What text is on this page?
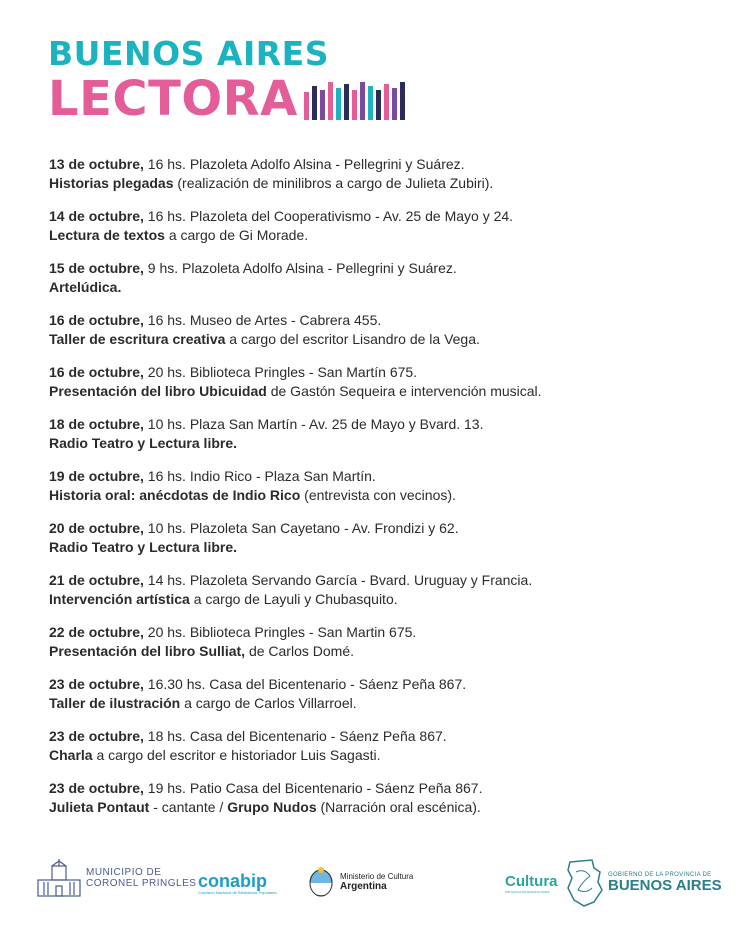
BUENOS AIRES
LECTORA
13 de octubre, 16 hs. Plazoleta Adolfo Alsina - Pellegrini y Suárez.
Historias plegadas (realización de minilibros a cargo de Julieta Zubiri).
14 de octubre, 16 hs. Plazoleta del Cooperativismo - Av. 25 de Mayo y 24.
Lectura de textos a cargo de Gi Morade.
15 de octubre, 9 hs. Plazoleta Adolfo Alsina - Pellegrini y Suárez.
Artelúdica.
16 de octubre, 16 hs. Museo de Artes - Cabrera 455.
Taller de escritura creativa a cargo del escritor Lisandro de la Vega.
16 de octubre, 20 hs. Biblioteca Pringles - San Martín 675.
Presentación del libro Ubicuidad de Gastón Sequeira e intervención musical.
18 de octubre, 10 hs. Plaza San Martín - Av. 25 de Mayo y Bvard. 13.
Radio Teatro y Lectura libre.
19 de octubre, 16 hs. Indio Rico - Plaza San Martín.
Historia oral: anécdotas de Indio Rico (entrevista con vecinos).
20 de octubre, 10 hs. Plazoleta San Cayetano - Av. Frondizi y 62.
Radio Teatro y Lectura libre.
21 de octubre, 14 hs. Plazoleta Servando García - Bvard. Uruguay y Francia.
Intervención artística a cargo de Layuli y Chubasquito.
22 de octubre, 20 hs. Biblioteca Pringles - San Martin 675.
Presentación del libro Sulliat, de Carlos Domé.
23 de octubre, 16.30 hs. Casa del Bicentenario - Sáenz Peña 867.
Taller de ilustración a cargo de Carlos Villarroel.
23 de octubre, 18 hs. Casa del Bicentenario - Sáenz Peña 867.
Charla a cargo del escritor e historiador Luis Sagasti.
23 de octubre, 19 hs. Patio Casa del Bicentenario - Sáenz Peña 867.
Julieta Pontaut - cantante / Grupo Nudos (Narración oral escénica).
MUNICIPIO DE
CORONEL PRINGLES conabip
Comisión Nacional de Bibliotecas Populares
Ministerio de Cultura
Argentina	Cultura
PROVINCIA DE BUENOS AIRES
GOBIERNO DE LA PROVINCIA DE
BUENOS AIRES
